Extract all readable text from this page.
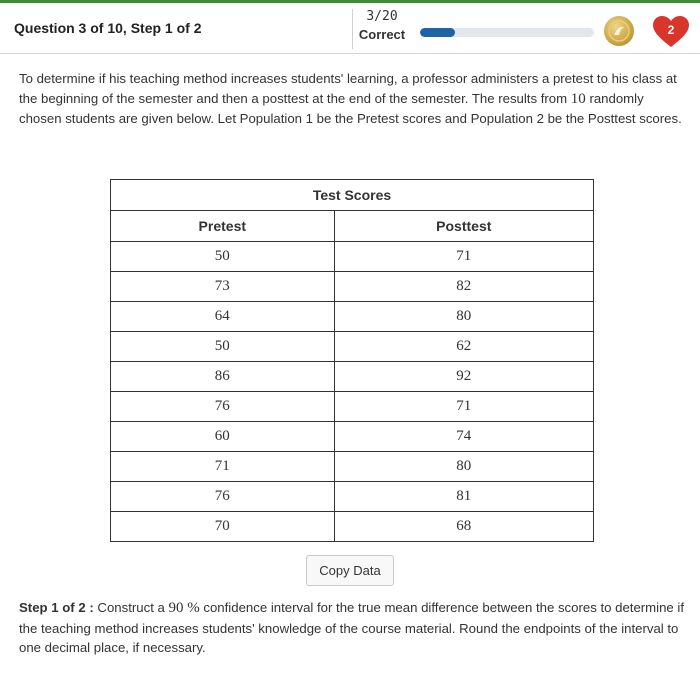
Question 3 of 10, Step 1 of 2
3/20
Correct	2
To determine if his teaching method increases students' learning, a professor administers a pretest to his class at the beginning of the semester and then a posttest at the end of the semester. The results from 10 randomly chosen students are given below. Let Population 1 be the Pretest scores and Population 2 be the Posttest scores.
Test Scores	
Pretest	Posttest
50	71
73	82
64	80
50	62
86	92
76	71
60	74
71	80
76	81
70	68
Copy Data
Step 1 of 2 : Construct a 90 % confidence interval for the true mean difference between the scores to determine if the teaching method increases students' knowledge of the course material. Round the endpoints of the interval to one decimal place, if necessary.
